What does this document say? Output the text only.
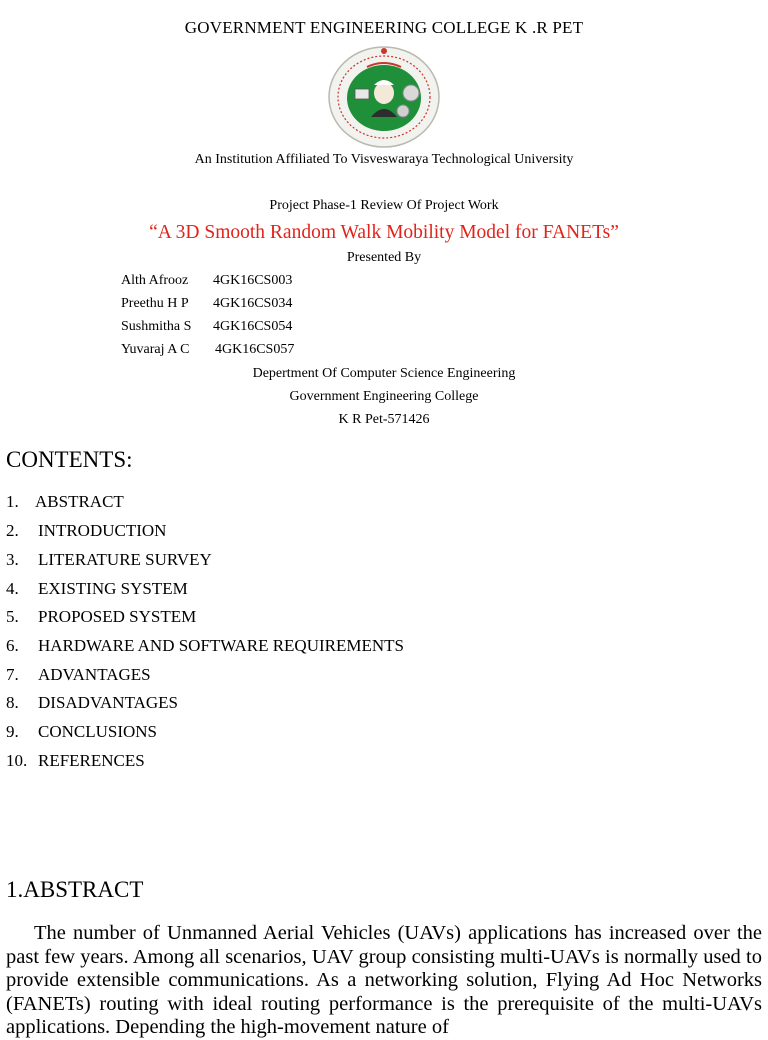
GOVERNMENT ENGINEERING COLLEGE K .R PET
An Institution Affiliated To Visveswaraya Technological University
Project Phase-1 Review Of Project Work
“A 3D Smooth Random Walk Mobility Model for FANETs”
Presented By
Alth Afrooz 4GK16CS003
Preethu H P 4GK16CS034
Sushmitha S 4GK16CS054
Yuvaraj A C 4GK16CS057
Depertment Of Computer Science Engineering
Government Engineering College
K R Pet-571426
CONTENTS:
1. ABSTRACT
2. INTRODUCTION
3. LITERATURE SURVEY
4. EXISTING SYSTEM
5. PROPOSED SYSTEM
6. HARDWARE AND SOFTWARE REQUIREMENTS
7. ADVANTAGES
8. DISADVANTAGES
9. CONCLUSIONS
10. REFERENCES
1.ABSTRACT
The number of Unmanned Aerial Vehicles (UAVs) applications has increased over the past few years. Among all scenarios, UAV group consisting multi-UAVs is normally used to provide extensible communications. As a networking solution, Flying Ad Hoc Networks (FANETs) routing with ideal routing performance is the prerequisite of the multi-UAVs applications. Depending the high-movement nature of
